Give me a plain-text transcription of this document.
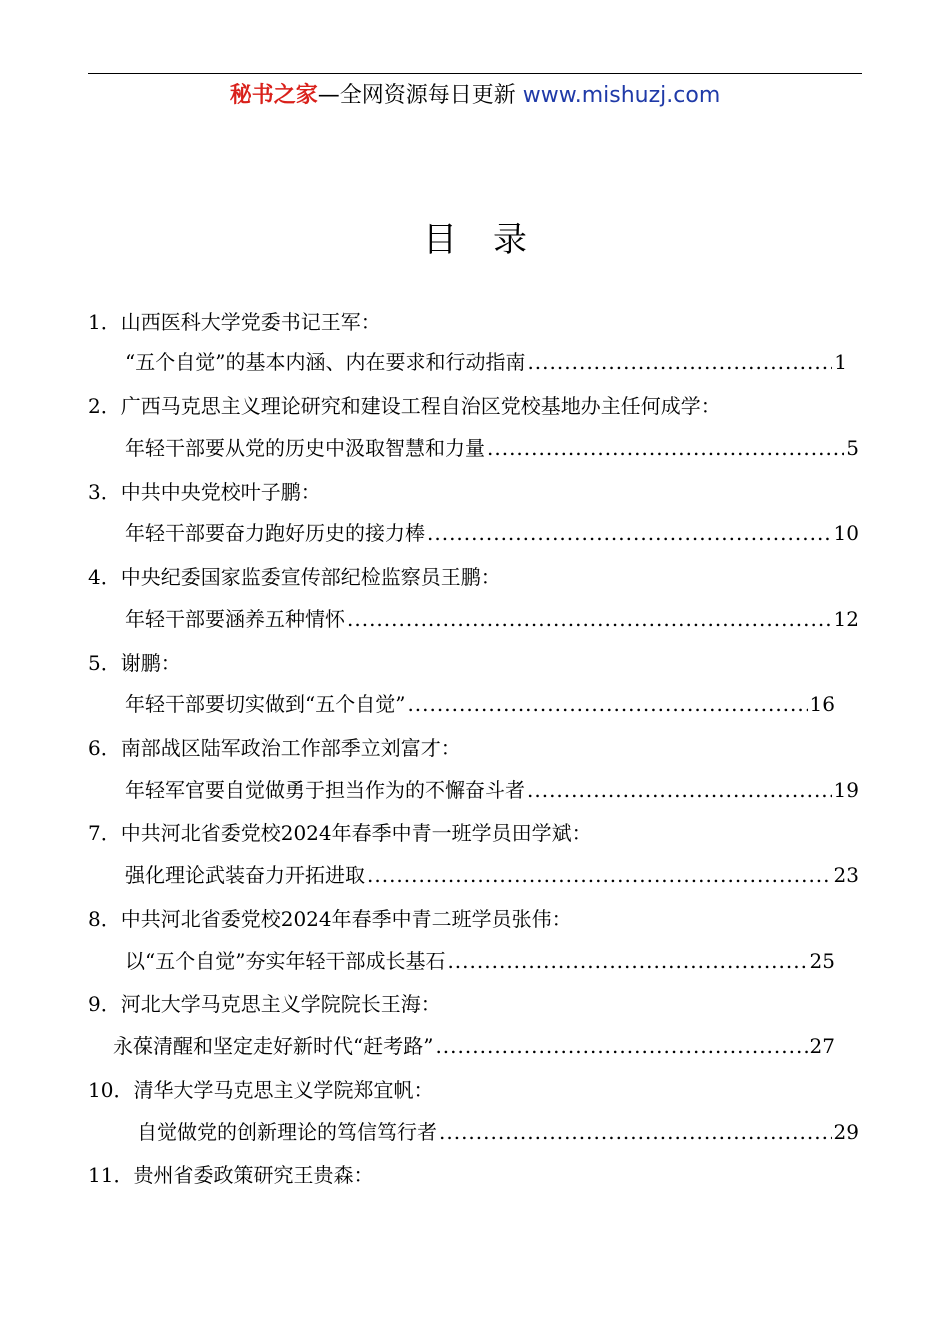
秘书之家—全网资源每日更新 www.mishuzj.com
目录
1．山西医科大学党委书记王军：
“五个自觉”的基本内涵、内在要求和行动指南 .....	1
2．广西马克思主义理论研究和建设工程自治区党校基地办主任何成学：
年轻干部要从党的历史中汲取智慧和力量 .....	5
3．中共中央党校叶子鹏：
年轻干部要奋力跑好历史的接力棒 .....	10
4．中央纪委国家监委宣传部纪检监察员王鹏：
年轻干部要涵养五种情怀 .....	12
5．谢鹏：
年轻干部要切实做到“五个自觉” .....	16
6．南部战区陆军政治工作部季立刘富才：
年轻军官要自觉做勇于担当作为的不懈奋斗者 .....	19
7．中共河北省委党校2024年春季中青一班学员田学斌：
强化理论武装奋力开拓进取 .....	23
8．中共河北省委党校2024年春季中青二班学员张伟：
以“五个自觉”夯实年轻干部成长基石 .....	25
9．河北大学马克思主义学院院长王海：
永葆清醒和坚定走好新时代“赶考路” .....	27
10．清华大学马克思主义学院郑宜帆：
自觉做党的创新理论的笃信笃行者 .....	29
11．贵州省委政策研究王贵森：
